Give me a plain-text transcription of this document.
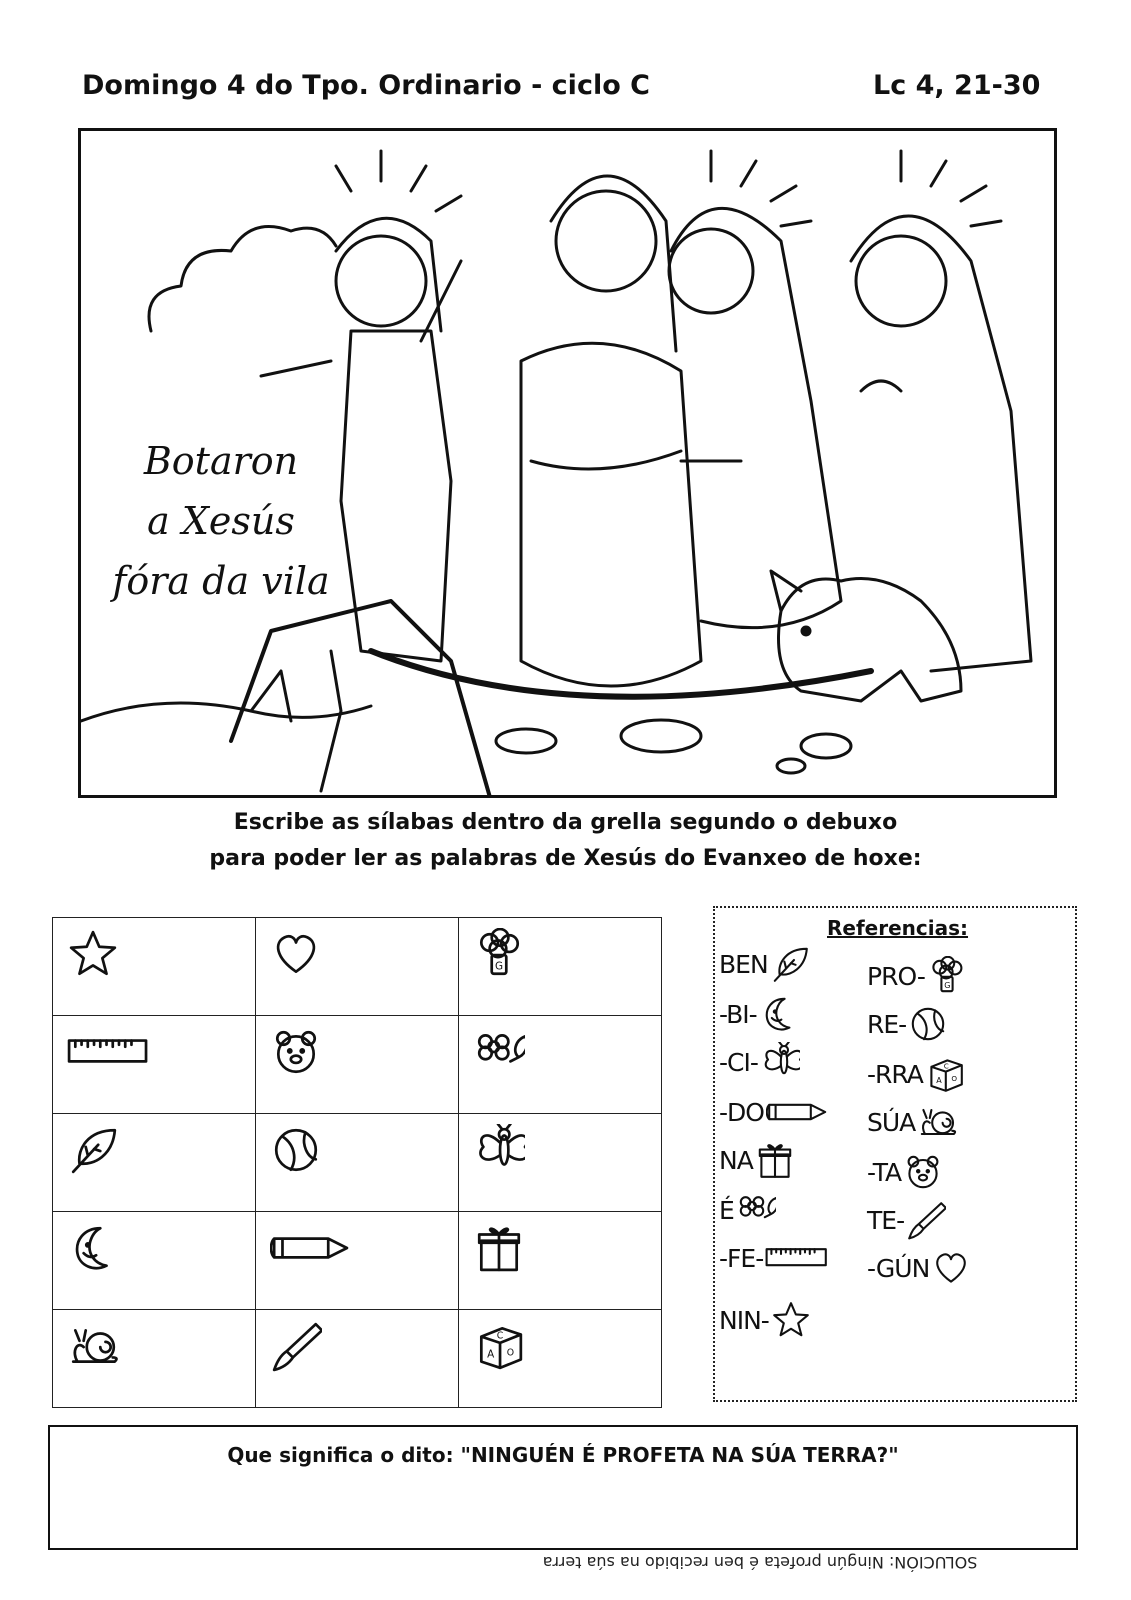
Domingo 4 do Tpo. Ordinario - ciclo C	Lc 4, 21-30
Botaron
a Xesús
fóra da vila
Escribe as sílabas dentro da grella segundo o debuxo
para poder ler as palabras de Xesús do Evanxeo de hoxe:

G

C
A O
Referencias:
BEN
-BI-
-CI-
-DO
NA
É
-FE-
NIN-
PRO- G
RE-
-RRA C
A O
SÚA
-TA
TE-
-GÚN
Que significa o dito: "NINGUÉN É PROFETA NA SÚA TERRA?"
SOLUCIÓN: Ningún profeta é ben recibido na súa terra
